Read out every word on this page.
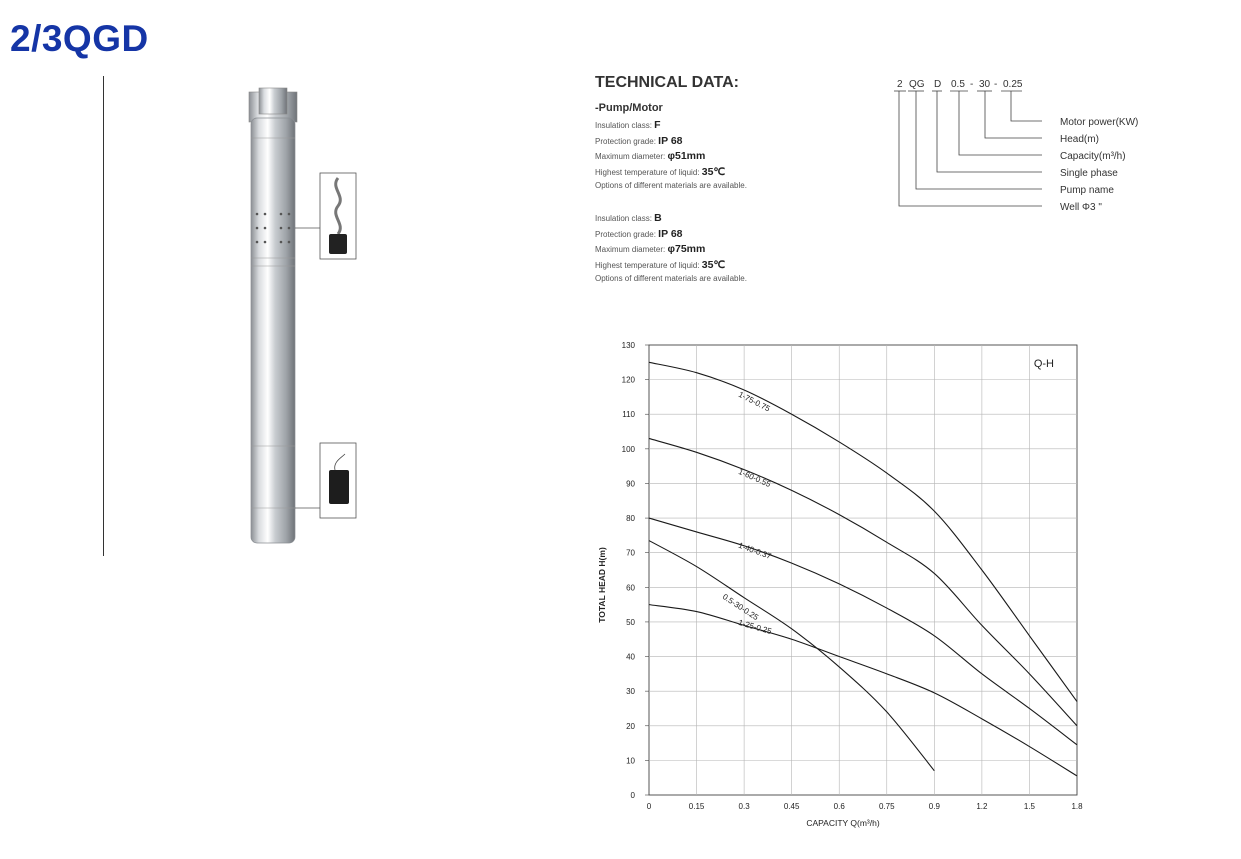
2/3QGD
TECHNICAL DATA:
-Pump/Motor
Insulation class: F
Protection grade: IP 68
Maximum diameter: φ51mm
Highest temperature of liquid: 35℃
Options of different materials are available.
Insulation class: B
Protection grade: IP 68
Maximum diameter: φ75mm
Highest temperature of liquid: 35℃
Options of different materials are available.
2 QG D 0.5 - 30 - 0.25
Motor power(KW)
Head(m)
Capacity(m³/h)
Single phase
Pump name
Well Φ3 "
0	0.15	0.3	0.45	0.6	0.75	0.9	1.2	1.5	1.8
0
10
20
30
40
50
60
70
80
90
100
110
120
130
1-75-0.75
1-60-0.55
1-40-0.37
0.5-30-0.25
1-25-0.25
Q-H
CAPACITY Q(m³/h)
TOTAL HEAD H(m)
